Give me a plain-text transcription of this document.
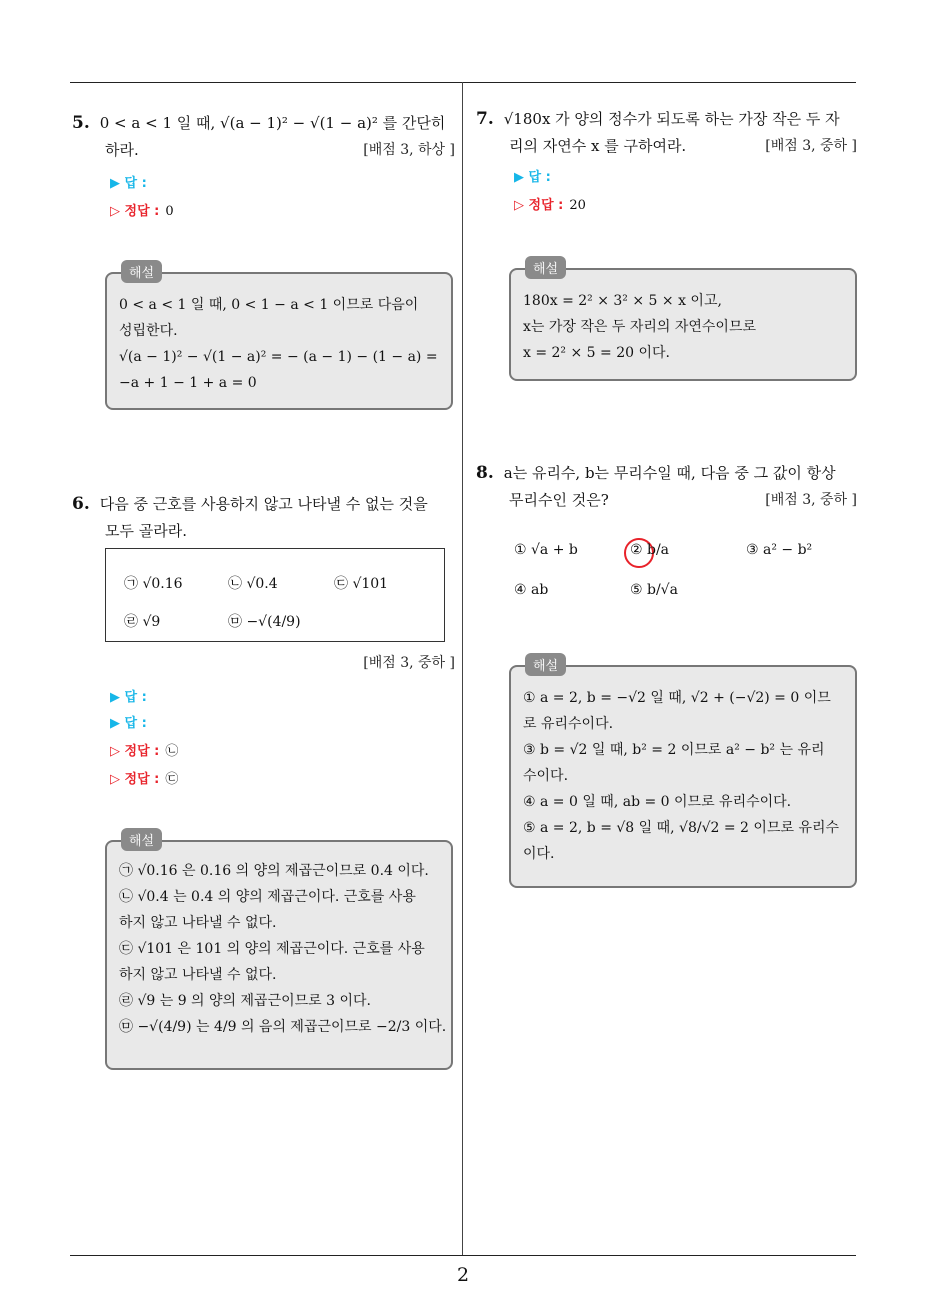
2
5. 0 < a < 1 일 때, √(a − 1)² − √(1 − a)² 를 간단히
하라.	[배점 3, 하상 ]
▶ 답 :
▷ 정답 : 0
해설
0 < a < 1 일 때, 0 < 1 − a < 1 이므로 다음이
성립한다.
√(a − 1)² − √(1 − a)² = − (a − 1) − (1 − a) =
−a + 1 − 1 + a = 0
6. 다음 중 근호를 사용하지 않고 나타낼 수 없는 것을
모두 골라라.
㉠ √0.16	㉡ √0.4	㉢ √101
㉣ √9	㉤ −√(4/9)
[배점 3, 중하 ]
▶ 답 :
▶ 답 :
▷ 정답 : ㉡
▷ 정답 : ㉢
해설
㉠ √0.16 은 0.16 의 양의 제곱근이므로 0.4 이다.
㉡ √0.4 는 0.4 의 양의 제곱근이다. 근호를 사용
하지 않고 나타낼 수 없다.
㉢ √101 은 101 의 양의 제곱근이다. 근호를 사용
하지 않고 나타낼 수 없다.
㉣ √9 는 9 의 양의 제곱근이므로 3 이다.
㉤ −√(4/9) 는 4/9 의 음의 제곱근이므로 −2/3 이다.
7. √180x 가 양의 정수가 되도록 하는 가장 작은 두 자
리의 자연수 x 를 구하여라.	[배점 3, 중하 ]
▶ 답 :
▷ 정답 : 20
해설
180x = 2² × 3² × 5 × x 이고,
x는 가장 작은 두 자리의 자연수이므로
x = 2² × 5 = 20 이다.
8. a는 유리수, b는 무리수일 때, 다음 중 그 값이 항상
무리수인 것은?	[배점 3, 중하 ]
① √a + b	② b/a	③ a² − b²
④ ab	⑤ b/√a
해설
① a = 2, b = −√2 일 때, √2 + (−√2) = 0 이므
로 유리수이다.
③ b = √2 일 때, b² = 2 이므로 a² − b² 는 유리
수이다.
④ a = 0 일 때, ab = 0 이므로 유리수이다.
⑤ a = 2, b = √8 일 때, √8/√2 = 2 이므로 유리수
이다.
